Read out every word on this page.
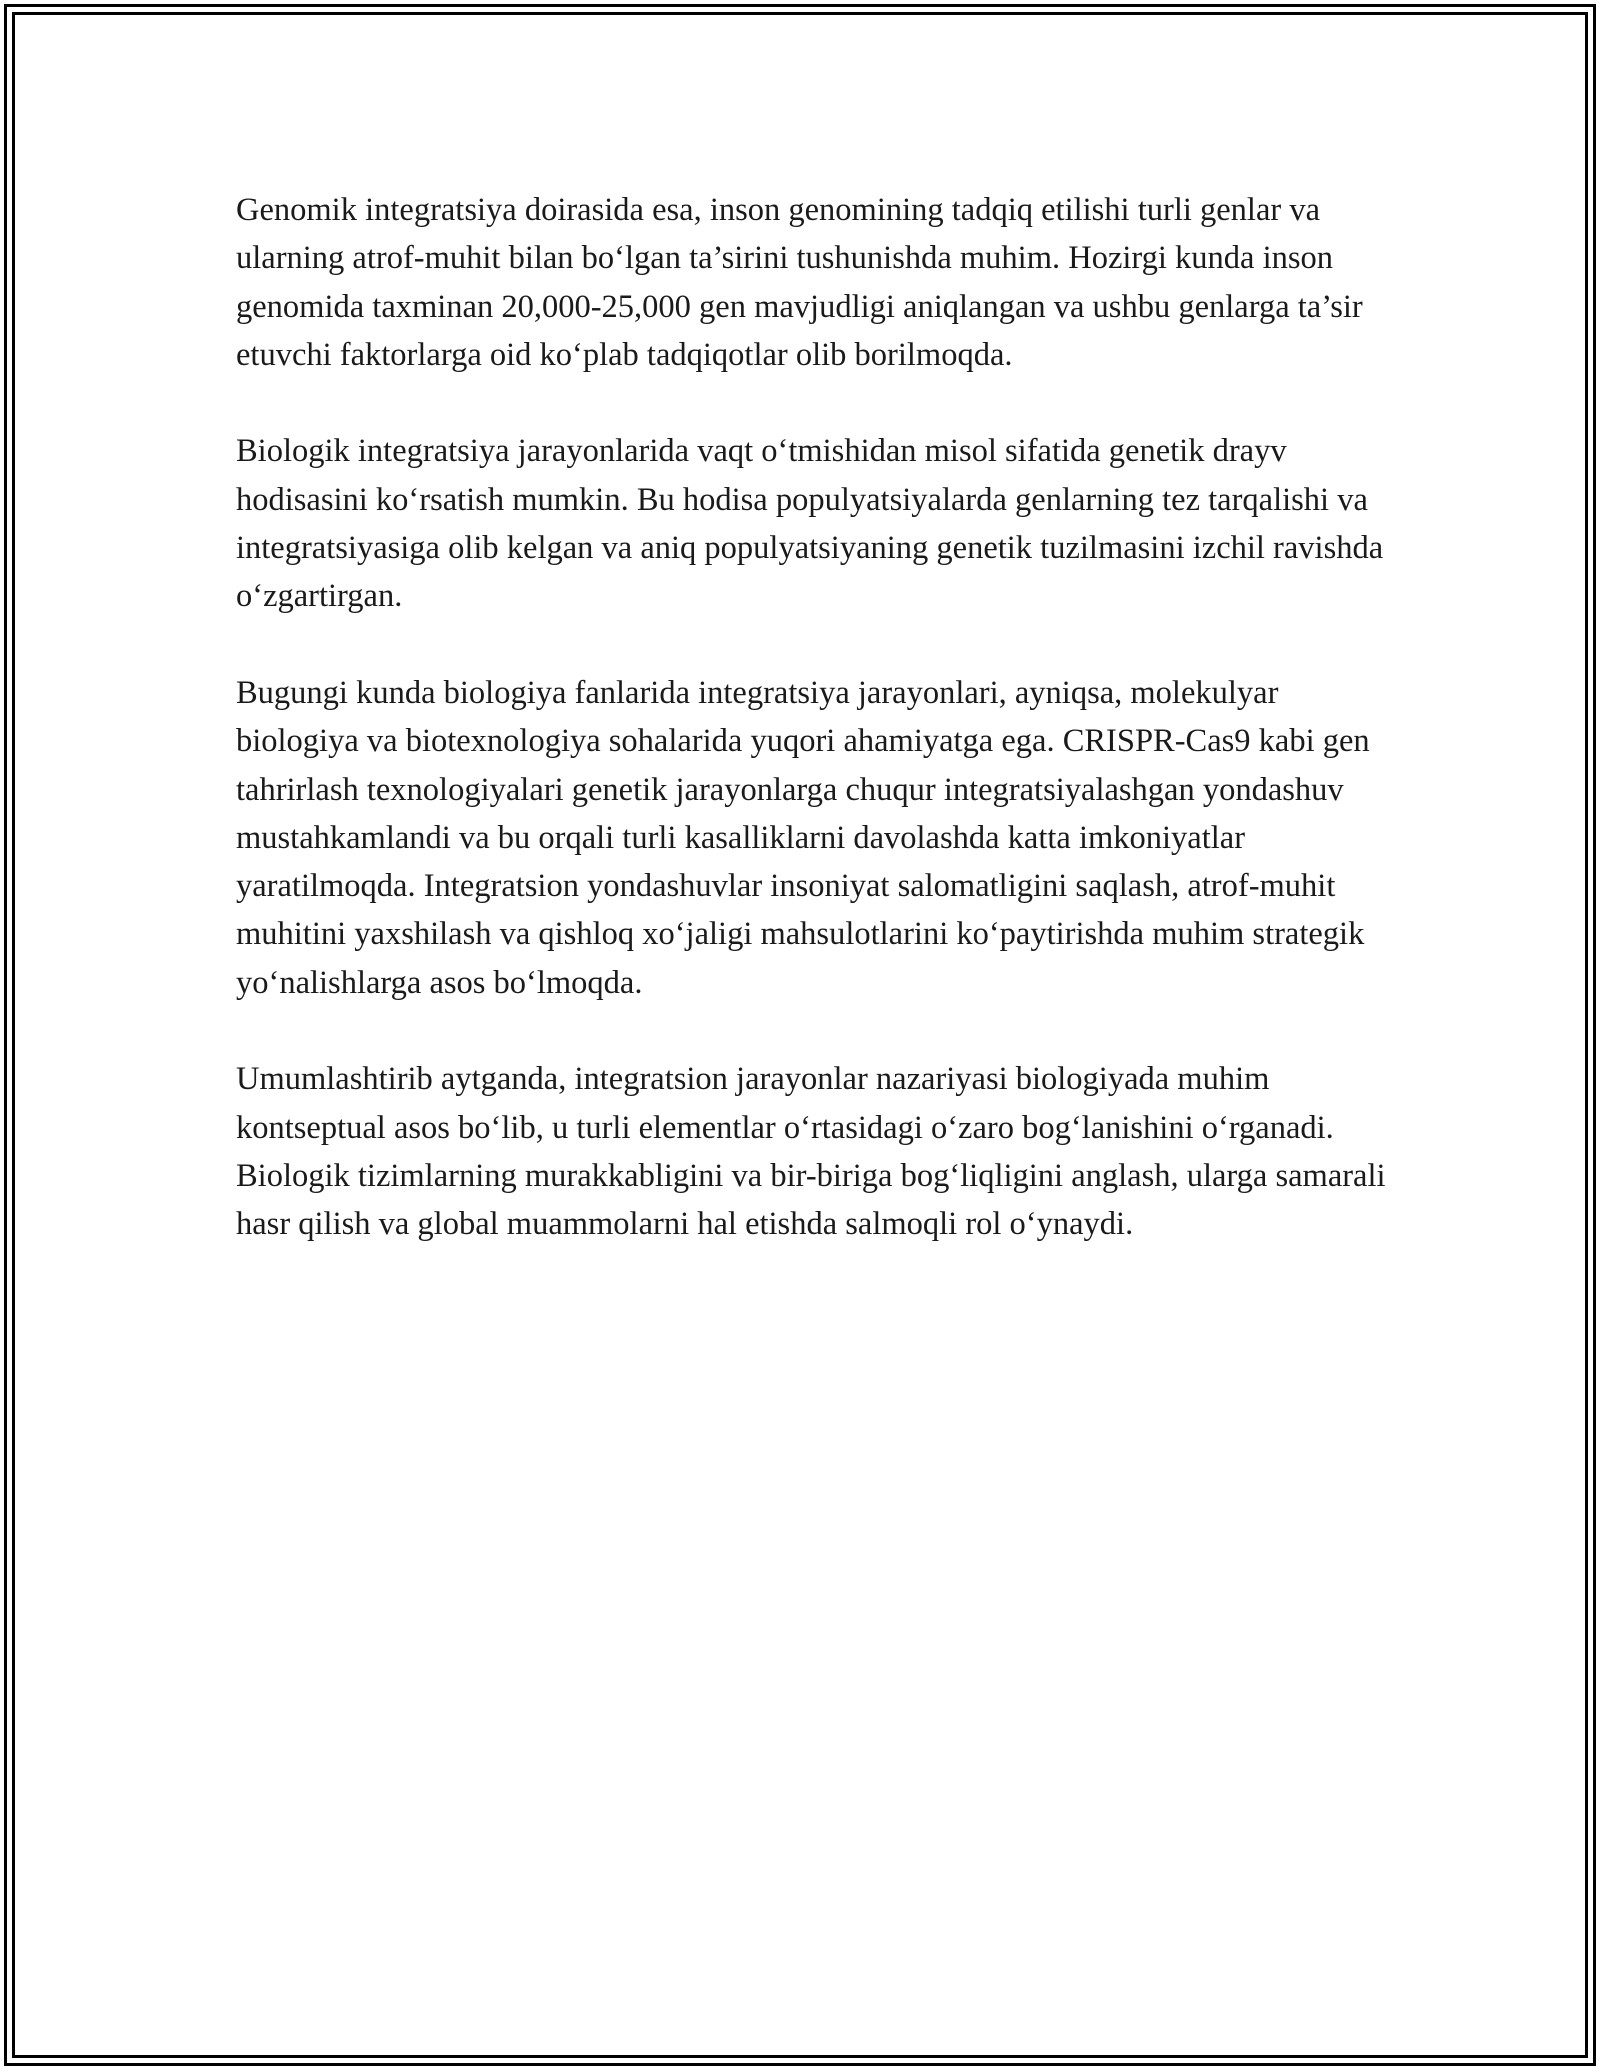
Genomik integratsiya doirasida esa, inson genomining tadqiq etilishi turli genlar va ularning atrof-muhit bilan bo‘lgan ta’sirini tushunishda muhim. Hozirgi kunda inson genomida taxminan 20,000-25,000 gen mavjudligi aniqlangan va ushbu genlarga ta’sir etuvchi faktorlarga oid ko‘plab tadqiqotlar olib borilmoqda.

Biologik integratsiya jarayonlarida vaqt o‘tmishidan misol sifatida genetik drayv hodisasini ko‘rsatish mumkin. Bu hodisa populyatsiyalarda genlarning tez tarqalishi va integratsiyasiga olib kelgan va aniq populyatsiyaning genetik tuzilmasini izchil ravishda o‘zgartirgan.

Bugungi kunda biologiya fanlarida integratsiya jarayonlari, ayniqsa, molekulyar biologiya va biotexnologiya sohalarida yuqori ahamiyatga ega. CRISPR-Cas9 kabi gen tahrirlash texnologiyalari genetik jarayonlarga chuqur integratsiyalashgan yondashuv mustahkamlandi va bu orqali turli kasalliklarni davolashda katta imkoniyatlar yaratilmoqda. Integratsion yondashuvlar insoniyat salomatligini saqlash, atrof-muhit muhitini yaxshilash va qishloq xo‘jaligi mahsulotlarini ko‘paytirishda muhim strategik yo‘nalishlarga asos bo‘lmoqda.

Umumlashtirib aytganda, integratsion jarayonlar nazariyasi biologiyada muhim kontseptual asos bo‘lib, u turli elementlar o‘rtasidagi o‘zaro bog‘lanishini o‘rganadi. Biologik tizimlarning murakkabligini va bir-biriga bog‘liqligini anglash, ularga samarali hasr qilish va global muammolarni hal etishda salmoqli rol o‘ynaydi.
